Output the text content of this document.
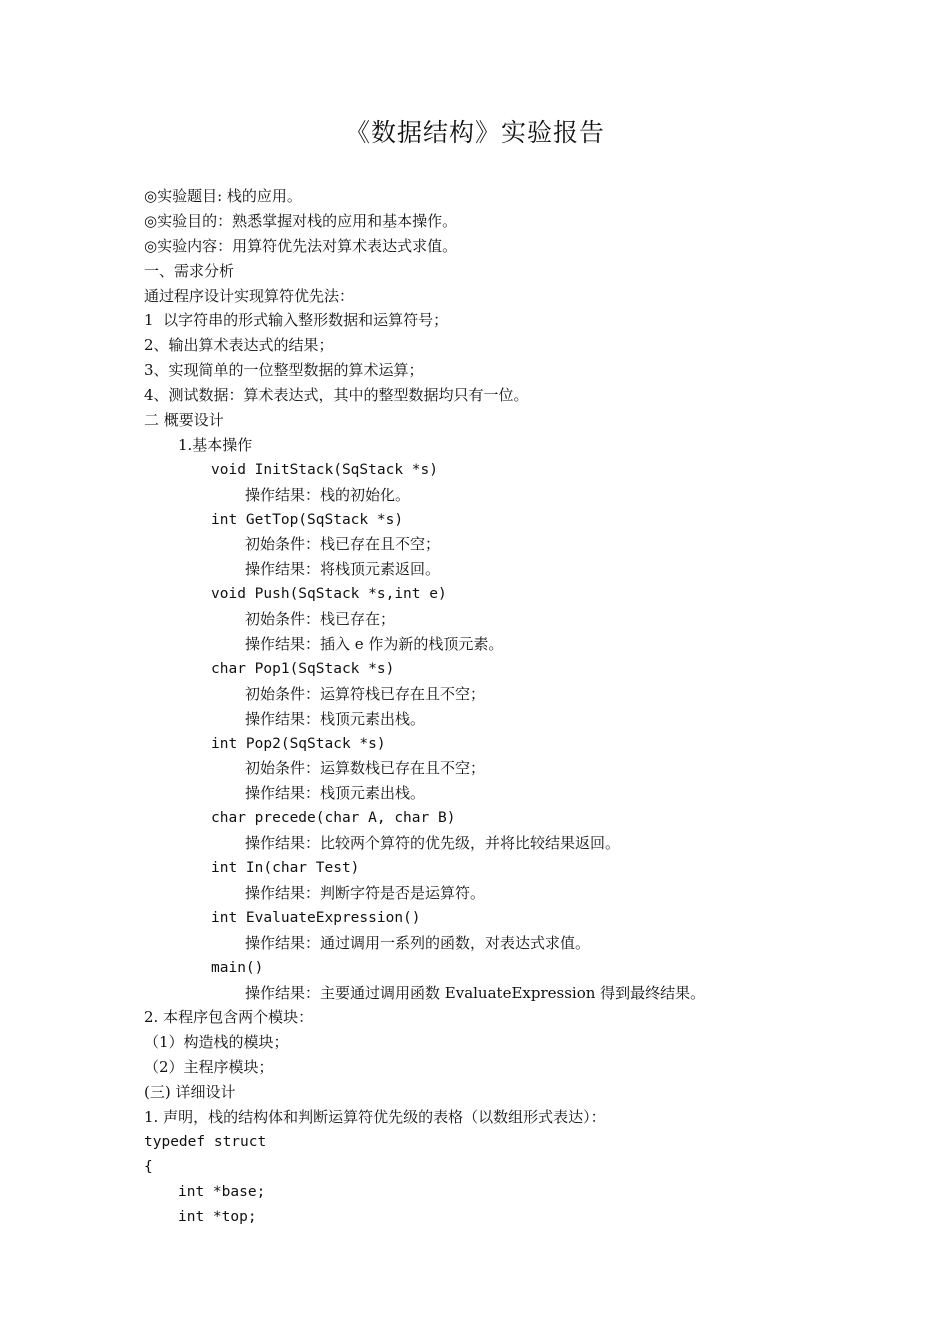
《数据结构》实验报告
◎实验题目: 栈的应用。
◎实验目的：熟悉掌握对栈的应用和基本操作。
◎实验内容：用算符优先法对算术表达式求值。
一、需求分析
通过程序设计实现算符优先法：
1  以字符串的形式输入整形数据和运算符号；
2、输出算术表达式的结果；
3、实现简单的一位整型数据的算术运算；
4、测试数据：算术表达式，其中的整型数据均只有一位。
二 概要设计
1.基本操作
void InitStack(SqStack *s)
操作结果：栈的初始化。
int GetTop(SqStack *s)
初始条件：栈已存在且不空；
操作结果：将栈顶元素返回。
void Push(SqStack *s,int e)
初始条件：栈已存在；
操作结果：插入 e 作为新的栈顶元素。
char Pop1(SqStack *s)
初始条件：运算符栈已存在且不空；
操作结果：栈顶元素出栈。
int Pop2(SqStack *s)
初始条件：运算数栈已存在且不空；
操作结果：栈顶元素出栈。
char precede(char A, char B)
操作结果：比较两个算符的优先级，并将比较结果返回。
int In(char Test)
操作结果：判断字符是否是运算符。
int EvaluateExpression()
操作结果：通过调用一系列的函数，对表达式求值。
main()
操作结果：主要通过调用函数 EvaluateExpression 得到最终结果。
2. 本程序包含两个模块：
（1）构造栈的模块；
（2）主程序模块；
(三) 详细设计
1. 声明，栈的结构体和判断运算符优先级的表格（以数组形式表达）：
typedef struct
{
int *base;
int *top;
